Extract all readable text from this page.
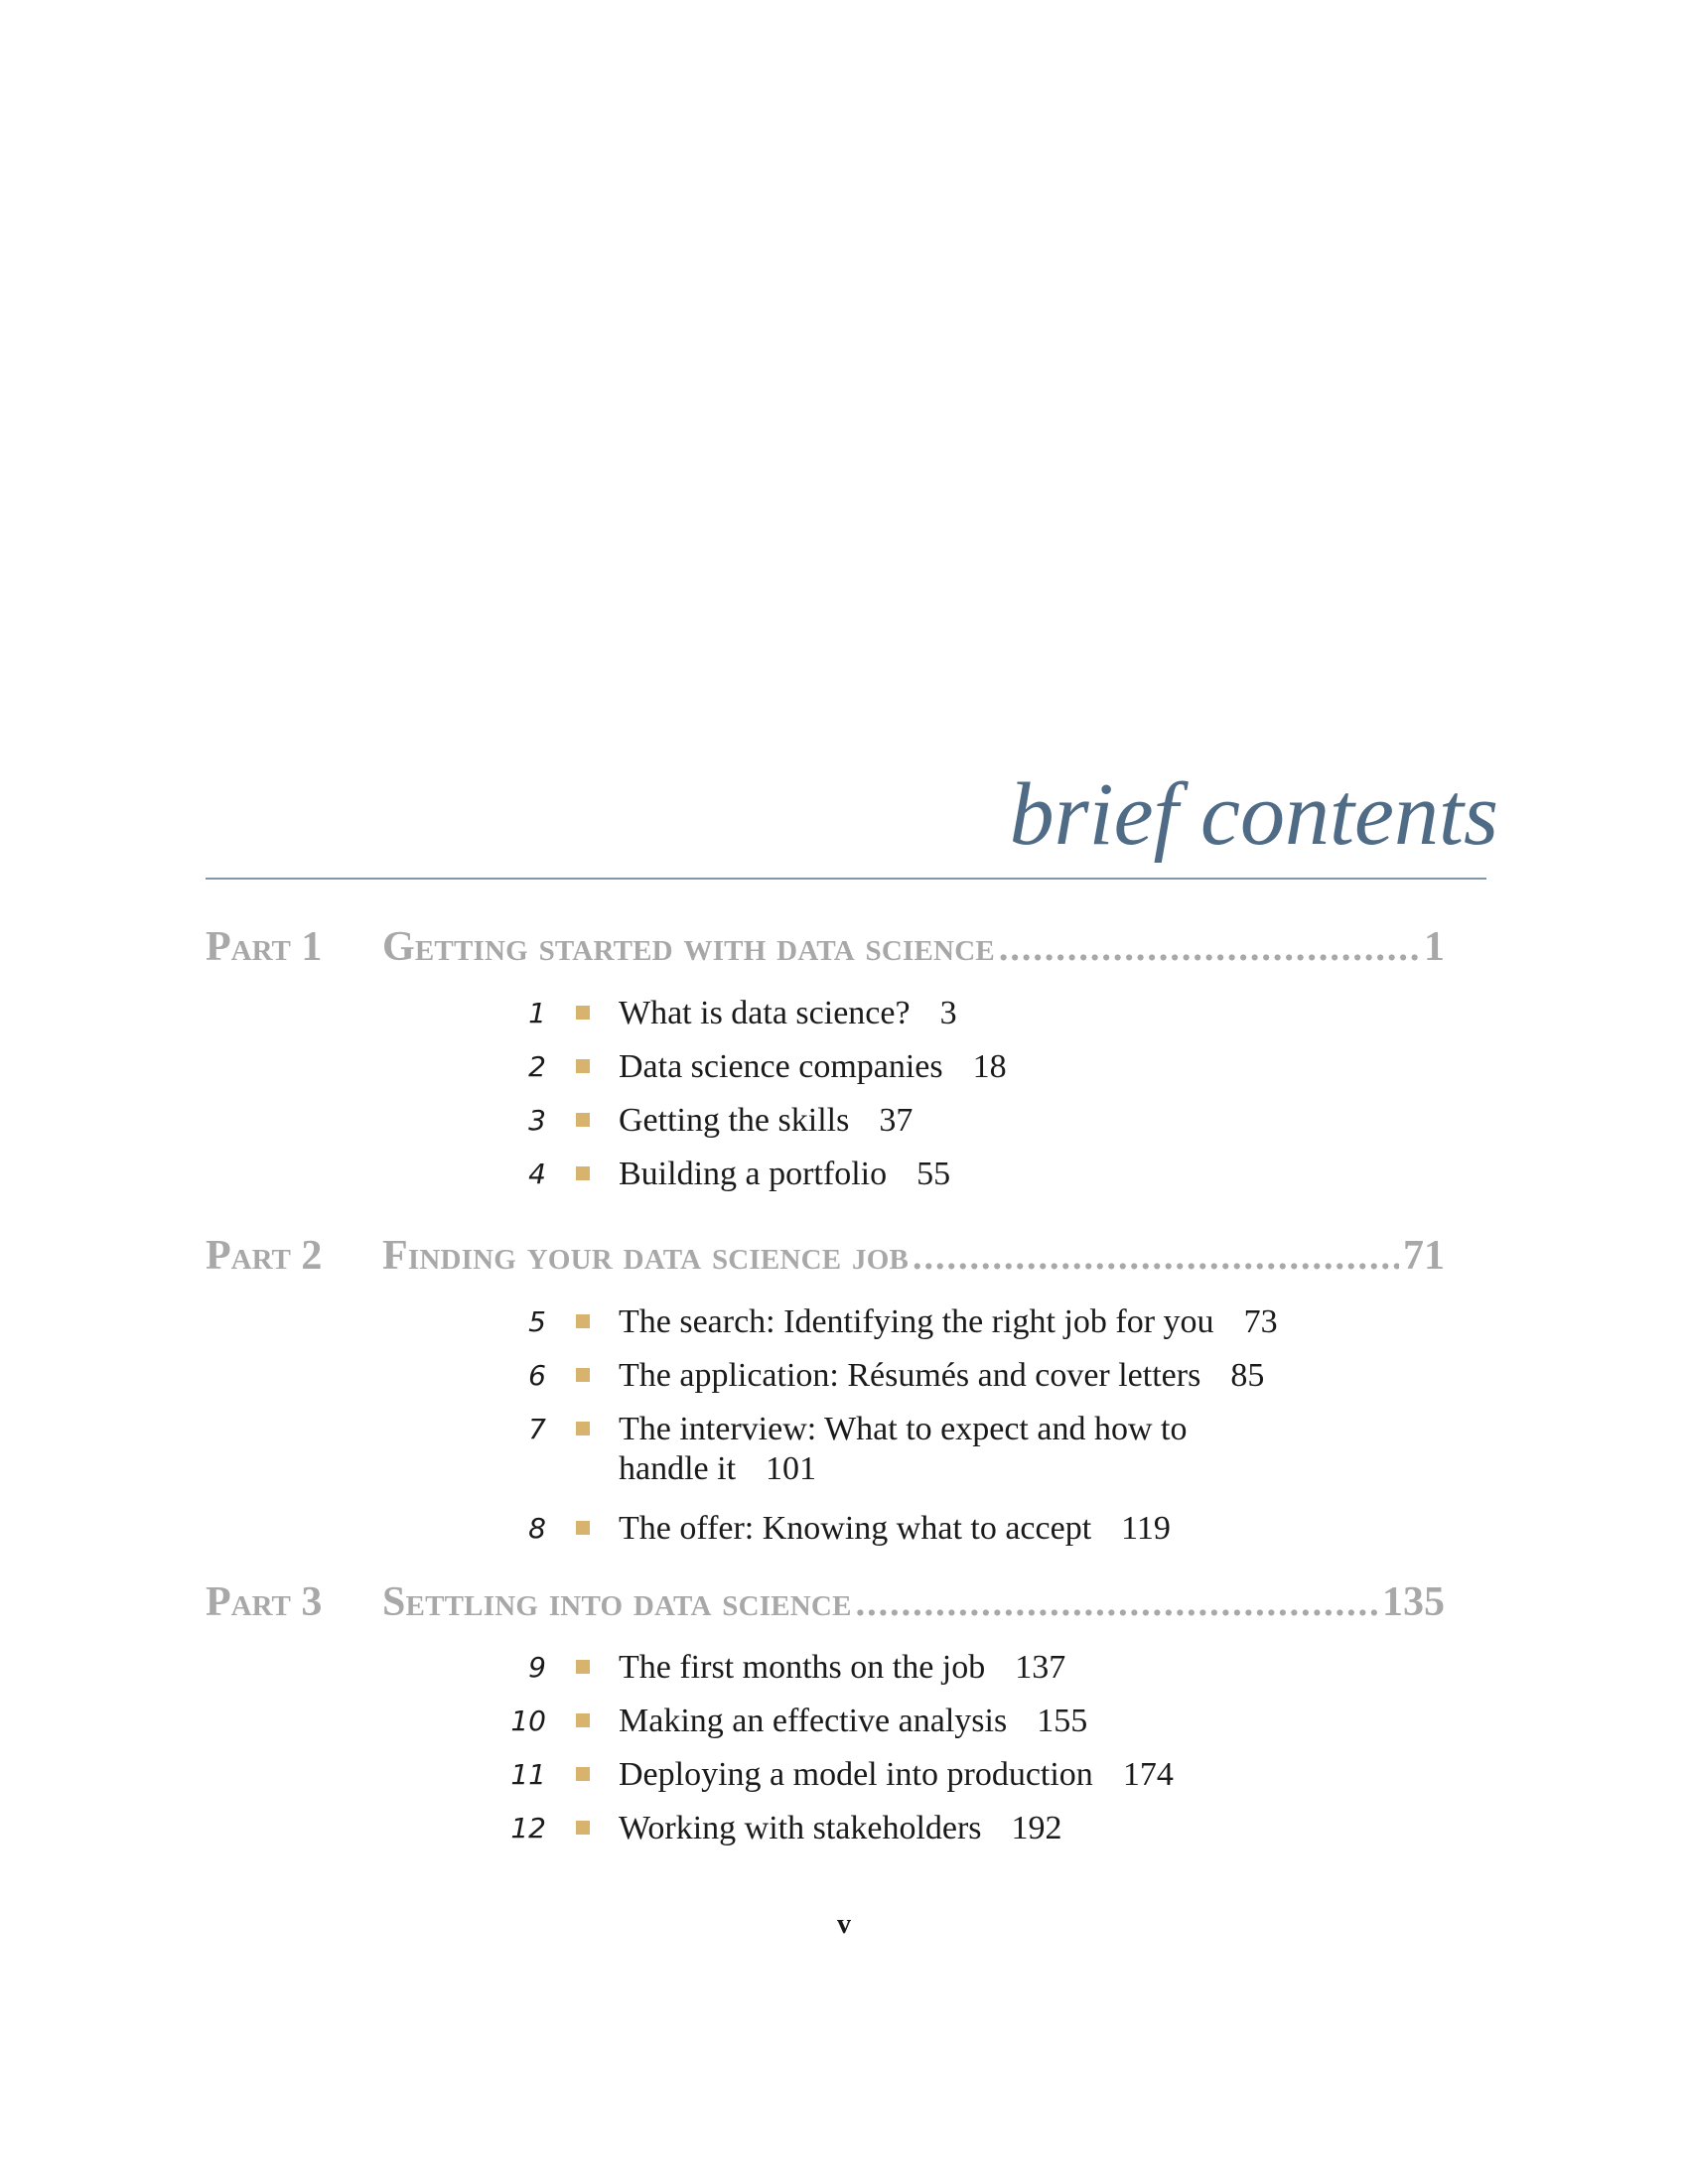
brief contents
Part 1 Getting started with data science .....	1
1 What is data science? 3
2 Data science companies 18
3 Getting the skills 37
4 Building a portfolio 55
Part 2 Finding your data science job .....	71
5 The search: Identifying the right job for you 73
6 The application: Résumés and cover letters 85
7 The interview: What to expect and how to handle it 101
8 The offer: Knowing what to accept 119
Part 3 Settling into data science .....	135
9 The first months on the job 137
10 Making an effective analysis 155
11 Deploying a model into production 174
12 Working with stakeholders 192
v
